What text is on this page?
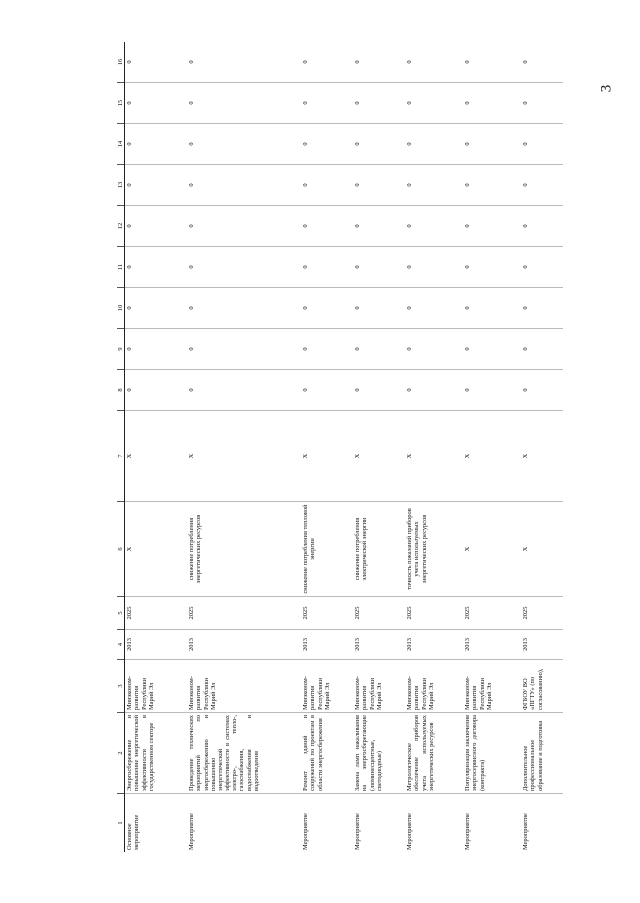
3
1	2	3	4	5	6	7	8	9	10	11	12	13	14	15	16
Основное мероприятие	Энергосбережение и повышение энергетической эффективности в государственном секторе	Минэконом-развития Республики Марий Эл	2013	2025	X	X	0	0	0	0	0	0	0	0	0
Мероприятие	Проведение технических мероприятий по энергосбережению и повышению энергетической эффективности в системах электро-, тепло-, газоснабжения, водоснабжения и водоотведения	Минэконом-развития Республики Марий Эл	2013	2025	снижение потребления энергетических ресурсов	X	0	0	0	0	0	0	0	0	0
Мероприятие	Ремонт зданий и сооружений по проектам в области энергосбережения	Минэконом-развития Республики Марий Эл	2013	2025	снижение потребления тепловой энергии	X	0	0	0	0	0	0	0	0	0
Мероприятие	Замена ламп накаливания на энергосберегающие (люминесцентные, светодиодные)	Минэконом-развития Республики Марий Эл	2013	2025	снижение потребления электрической энергии	X	0	0	0	0	0	0	0	0	0
Мероприятие	Метрологическое обеспечение приборов учета используемых энергетических ресурсов	Минэконом-развития Республики Марий Эл	2013	2025	точность показаний приборов учета используемых энергетических ресурсов	X	0	0	0	0	0	0	0	0	0
Мероприятие	Популяризация заключения энергосервисного договора (контракта)	Минэконом-развития Республики Марий Эл	2013	2025	X	X	0	0	0	0	0	0	0	0	0
Мероприятие	Дополнительное профессиональное образование и подготовка	ФГБОУ ВО «ПГТУ» (по согласованию),	2013	2025	X	X	0	0	0	0	0	0	0	0	0
